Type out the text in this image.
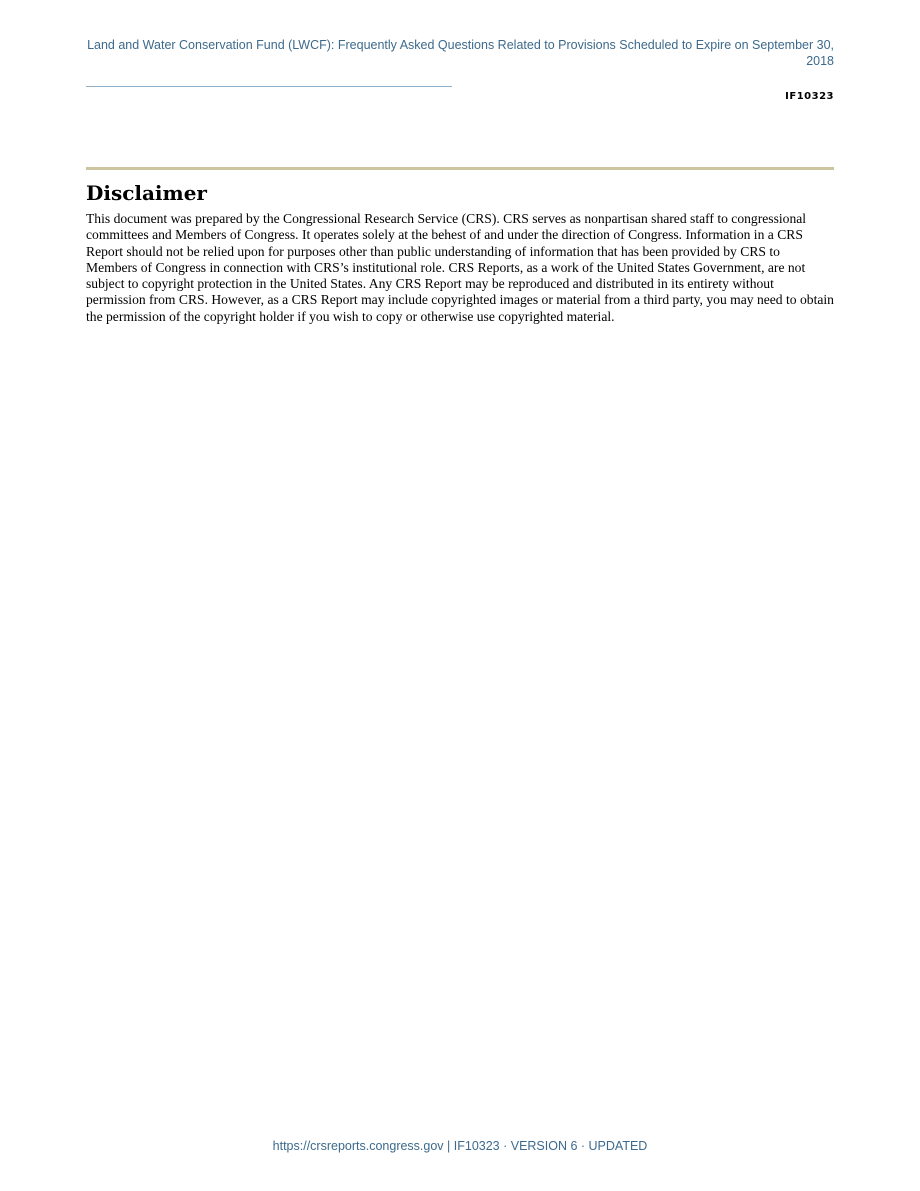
Land and Water Conservation Fund (LWCF): Frequently Asked Questions Related to Provisions Scheduled to Expire on September 30, 2018
IF10323
Disclaimer

This document was prepared by the Congressional Research Service (CRS). CRS serves as nonpartisan shared staff to congressional committees and Members of Congress. It operates solely at the behest of and under the direction of Congress. Information in a CRS Report should not be relied upon for purposes other than public understanding of information that has been provided by CRS to Members of Congress in connection with CRS’s institutional role. CRS Reports, as a work of the United States Government, are not subject to copyright protection in the United States. Any CRS Report may be reproduced and distributed in its entirety without permission from CRS. However, as a CRS Report may include copyrighted images or material from a third party, you may need to obtain the permission of the copyright holder if you wish to copy or otherwise use copyrighted material.

https://crsreports.congress.gov | IF10323 · VERSION 6 · UPDATED
